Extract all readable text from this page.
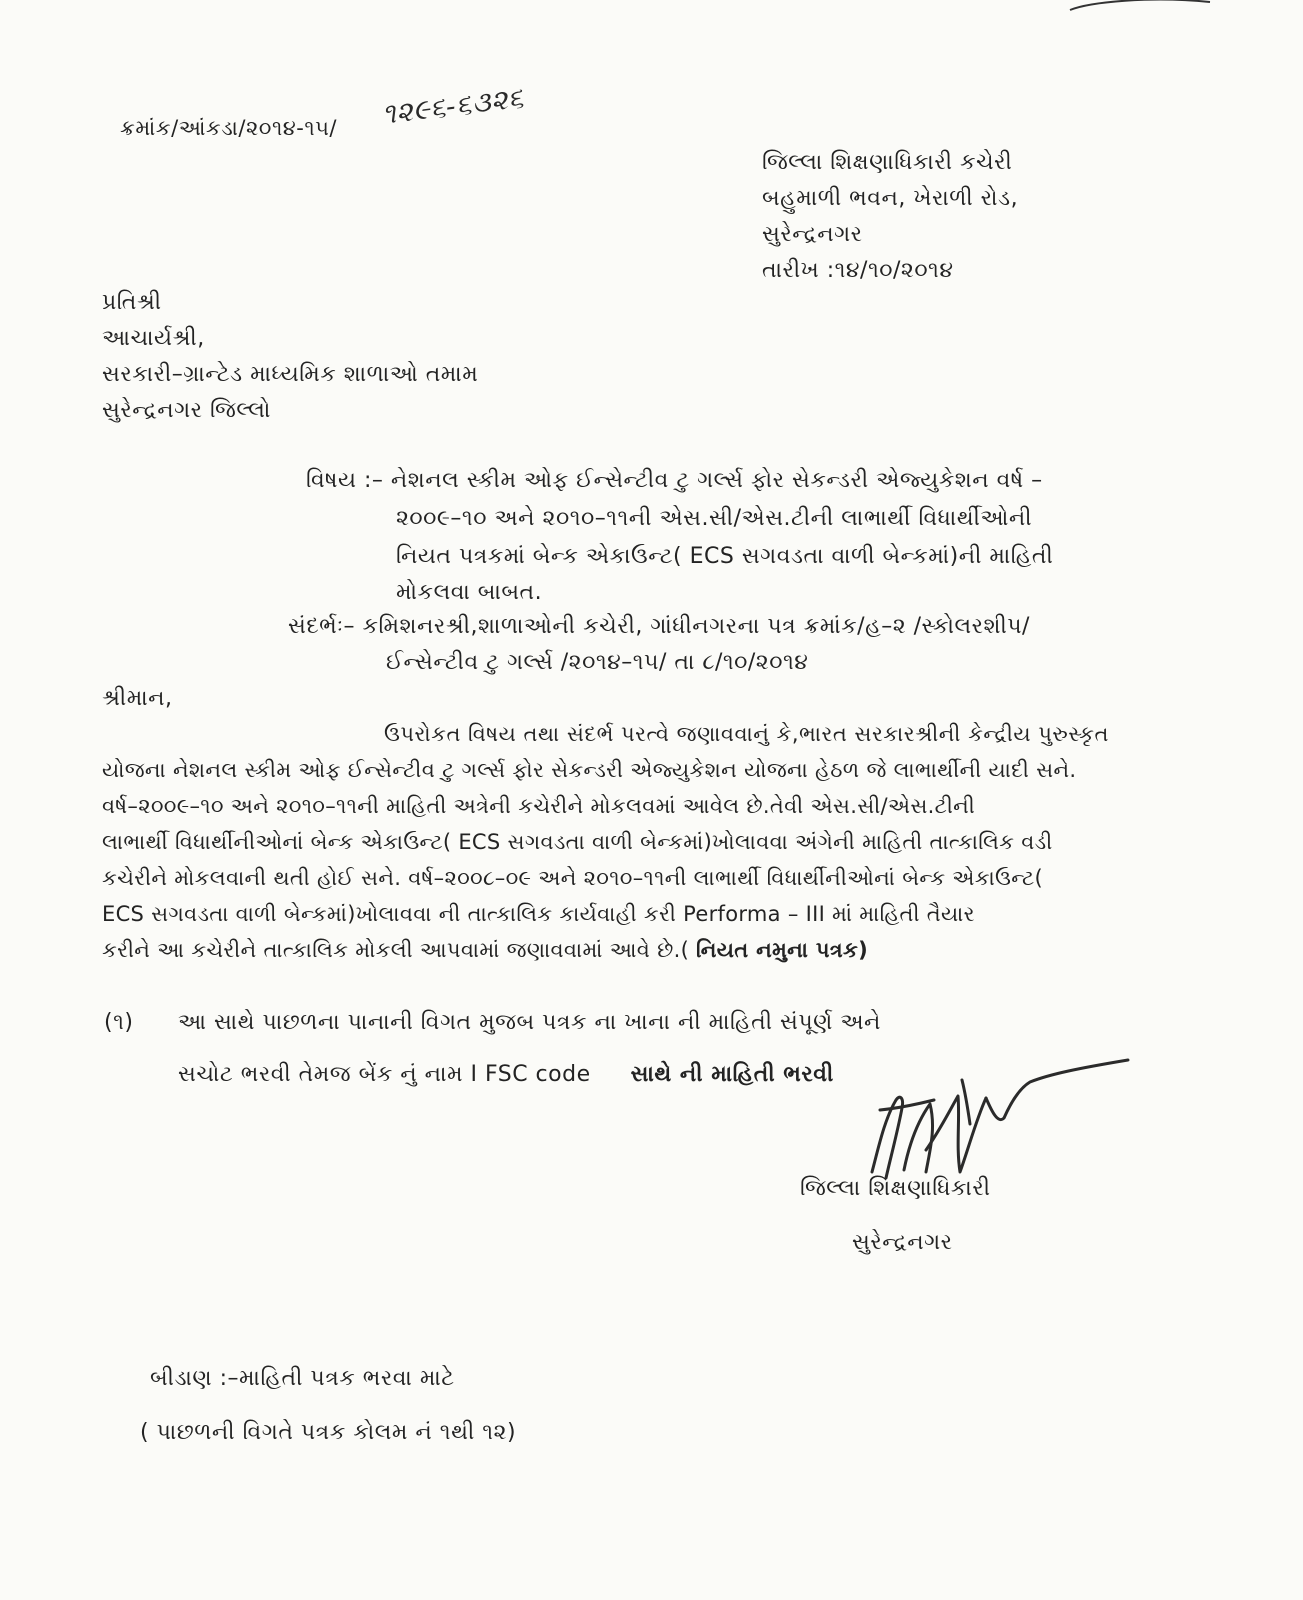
ક્રમાંક/આંકડા/૨૦૧૪-૧૫/ ૧૨૯૬-૬૩૨૬
જિલ્લા શિક્ષણાધિકારી કચેરી
બહુમાળી ભવન, ખેરાળી રોડ,
સુરેન્દ્રનગર
તારીખ :૧૪/૧૦/૨૦૧૪
પ્રતિશ્રી
આચાર્યશ્રી,
સરકારી–ગ્રાન્ટેડ માધ્યમિક શાળાઓ તમામ
સુરેન્દ્રનગર જિલ્લો
વિષય :– નેશનલ સ્કીમ ઓફ ઈન્સેન્ટીવ ટુ ગર્લ્સ ફોર સેકન્ડરી એજ્યુકેશન વર્ષ –
૨૦૦૯–૧૦ અને ૨૦૧૦–૧૧ની એસ.સી/એસ.ટીની લાભાર્થી વિધાર્થીઓની
નિયત પત્રકમાં બેન્ક એકાઉન્ટ( ECS સગવડતા વાળી બેન્કમાં)ની માહિતી
મોકલવા બાબત.
સંદર્ભઃ– કમિશનરશ્રી,શાળાઓની કચેરી, ગાંધીનગરના પત્ર ક્રમાંક/હ–૨ /સ્કોલરશીપ/
ઈન્સેન્ટીવ ટુ ગર્લ્સ /૨૦૧૪–૧૫/ તા ૮/૧૦/૨૦૧૪
શ્રીમાન,
ઉપરોકત વિષય તથા સંદર્ભ પરત્વે જણાવવાનું કે,ભારત સરકારશ્રીની કેન્દ્રીય પુરુસ્કૃત
યોજના નેશનલ સ્કીમ ઓફ ઈન્સેન્ટીવ ટુ ગર્લ્સ ફોર સેકન્ડરી એજ્યુકેશન યોજના હેઠળ જે લાભાર્થીની યાદી સને.
વર્ષ–૨૦૦૯–૧૦ અને ૨૦૧૦–૧૧ની માહિતી અત્રેની કચેરીને મોકલવમાં આવેલ છે.તેવી એસ.સી/એસ.ટીની
લાભાર્થી વિધાર્થીનીઓનાં બેન્ક એકાઉન્ટ( ECS સગવડતા વાળી બેન્કમાં)ખોલાવવા અંગેની માહિતી તાત્કાલિક વડી
કચેરીને મોકલવાની થતી હોઈ સને. વર્ષ–૨૦૦૮–૦૯ અને ૨૦૧૦–૧૧ની લાભાર્થી વિધાર્થીનીઓનાં બેન્ક એકાઉન્ટ(
ECS સગવડતા વાળી બેન્કમાં)ખોલાવવા ની તાત્કાલિક કાર્યવાહી કરી Performa – III માં માહિતી તૈયાર
કરીને આ કચેરીને તાત્કાલિક મોકલી આપવામાં જણાવવામાં આવે છે.( નિયત નમુના પત્રક)
(૧) આ સાથે પાછળના પાનાની વિગત મુજબ પત્રક ના ખાના ની માહિતી સંપૂર્ણ અને
સચોટ ભરવી તેમજ બેંક નું નામ I FSC code સાથે ની માહિતી ભરવી
જિલ્લા શિક્ષણાધિકારી
સુરેન્દ્રનગર
બીડાણ :–માહિતી પત્રક ભરવા માટે
( પાછળની વિગતે પત્રક કોલમ નં ૧થી ૧૨)
